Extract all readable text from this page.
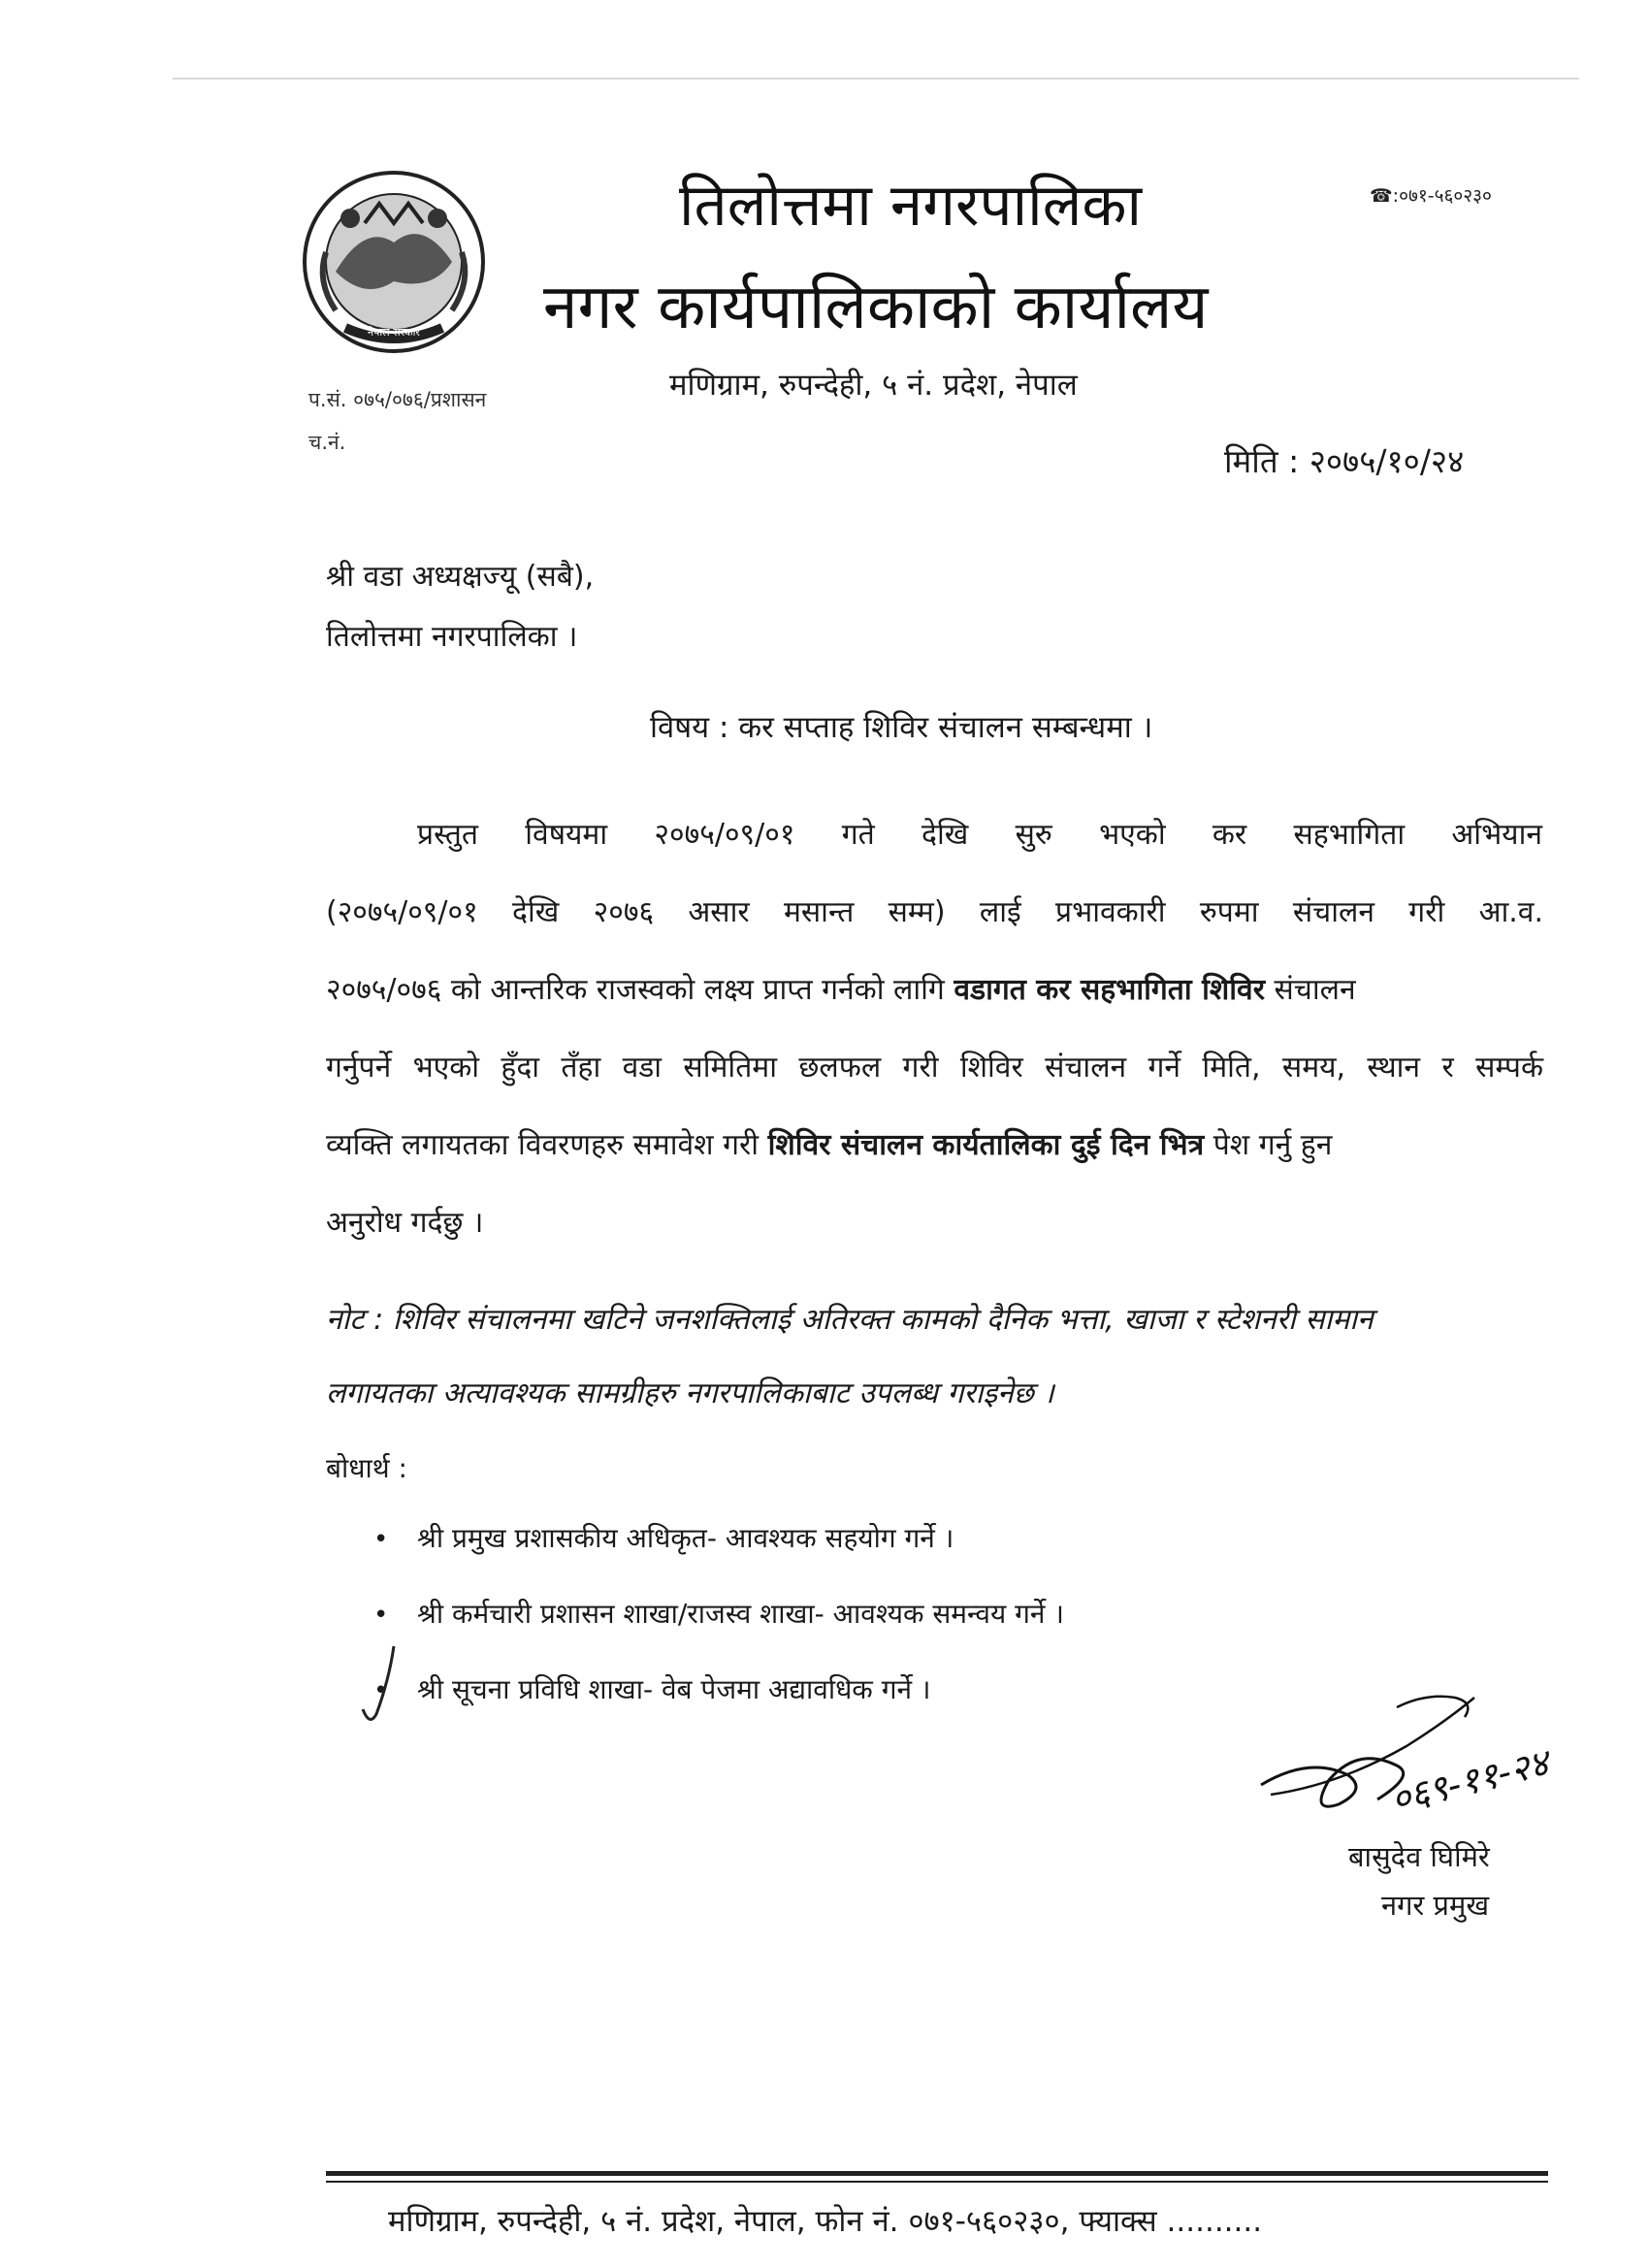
नेपाल सरकार
तिलोत्तमा नगरपालिका
नगर कार्यपालिकाको कार्यालय
☎:०७१-५६०२३०
मणिग्राम, रुपन्देही, ५ नं. प्रदेश, नेपाल
प.सं. ०७५/०७६/प्रशासन
च.नं.	मिति : २०७५/१०/२४
श्री वडा अध्यक्षज्यू (सबै),
तिलोत्तमा नगरपालिका ।
विषय : कर सप्ताह शिविर संचालन सम्बन्धमा ।
प्रस्तुत विषयमा २०७५/०९/०१ गते देखि सुरु भएको कर सहभागिता अभियान
(२०७५/०९/०१ देखि २०७६ असार मसान्त सम्म) लाई प्रभावकारी रुपमा संचालन गरी आ.व.
२०७५/०७६ को आन्तरिक राजस्वको लक्ष्य प्राप्त गर्नको लागि वडागत कर सहभागिता शिविर संचालन
गर्नुपर्ने भएको हुँदा तँहा वडा समितिमा छलफल गरी शिविर संचालन गर्ने मिति, समय, स्थान र सम्पर्क
व्यक्ति लगायतका विवरणहरु समावेश गरी शिविर संचालन कार्यतालिका दुई दिन भित्र पेश गर्नु हुन
अनुरोध गर्दछु ।
नोट : शिविर संचालनमा खटिने जनशक्तिलाई अतिरक्त कामको दैनिक भत्ता, खाजा र स्टेशनरी सामान
लगायतका अत्यावश्यक सामग्रीहरु नगरपालिकाबाट उपलब्ध गराइनेछ ।
बोधार्थ :
• श्री प्रमुख प्रशासकीय अधिकृत- आवश्यक सहयोग गर्ने ।
• श्री कर्मचारी प्रशासन शाखा/राजस्व शाखा- आवश्यक समन्वय गर्ने ।
• श्री सूचना प्रविधि शाखा- वेब पेजमा अद्यावधिक गर्ने ।
०६९-११-२४
बासुदेव घिमिरे
नगर प्रमुख
मणिग्राम, रुपन्देही, ५ नं. प्रदेश, नेपाल, फोन नं. ०७१-५६०२३०, फ्याक्स ..........
